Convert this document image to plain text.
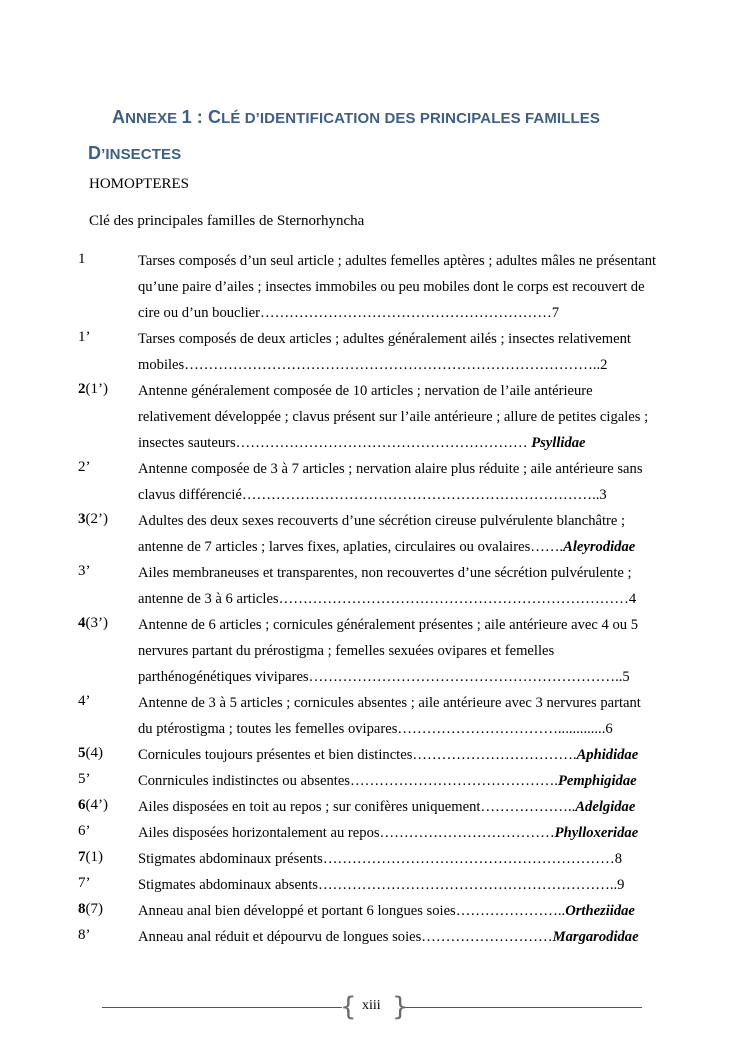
ANNEXE 1 : CLÉ D’IDENTIFICATION DES PRINCIPALES FAMILLES
D’INSECTES
HOMOPTERES
Clé des principales familles de Sternorhyncha
1	Tarses composés d’un seul article ; adultes femelles aptères ; adultes mâles ne présentant qu’une paire d’ailes ; insectes immobiles ou peu mobiles dont le corps est recouvert de cire ou d’un bouclier……………………………………………………7
1’	Tarses composés de deux articles ; adultes généralement ailés ; insectes relativement mobiles…………………………………………………………………………..2
2(1’) Antenne généralement composée de 10 articles ; nervation de l’aile antérieure relativement développée ; clavus présent sur l’aile antérieure ; allure de petites cigales ; insectes sauteurs…………………………………………………… Psyllidae
2’	Antenne composée de 3 à 7 articles ; nervation alaire plus réduite ; aile antérieure sans clavus différencié………………………………………………………………..3
3(2’) Adultes des deux sexes recouverts d’une sécrétion cireuse pulvérulente blanchâtre ; antenne de 7 articles ; larves fixes, aplaties, circulaires ou ovalaires…….Aleyrodidae
3’	Ailes membraneuses et transparentes, non recouvertes d’une sécrétion pulvérulente ; antenne de 3 à 6 articles………………………………………………………………4
4(3’) Antenne de 6 articles ; cornicules généralement présentes ; aile antérieure avec 4 ou 5 nervures partant du prérostigma ; femelles sexuées ovipares et femelles parthénogénétiques vivipares………………………………………………………..5
4’	Antenne de 3 à 5 articles ; cornicules absentes ; aile antérieure avec 3 nervures partant du ptérostigma ; toutes les femelles ovipares…………………………….............6
5(4) Cornicules toujours présentes et bien distinctes…………………………….Aphididae
5’	Conrnicules indistinctes ou absentes…………………………………….Pemphigidae
6(4’) Ailes disposées en toit au repos ; sur conifères uniquement………………..Adelgidae
6’	Ailes disposées horizontalement au repos………………………………Phylloxeridae
7(1) Stigmates abdominaux présents……………………………………………………8
7’	Stigmates abdominaux absents……………………………………………………..9
8(7) Anneau anal bien développé et portant 6 longues soies…………………..Ortheziidae
8’	Anneau anal réduit et dépourvu de longues soies………………………Margarodidae
{ }
xiii
